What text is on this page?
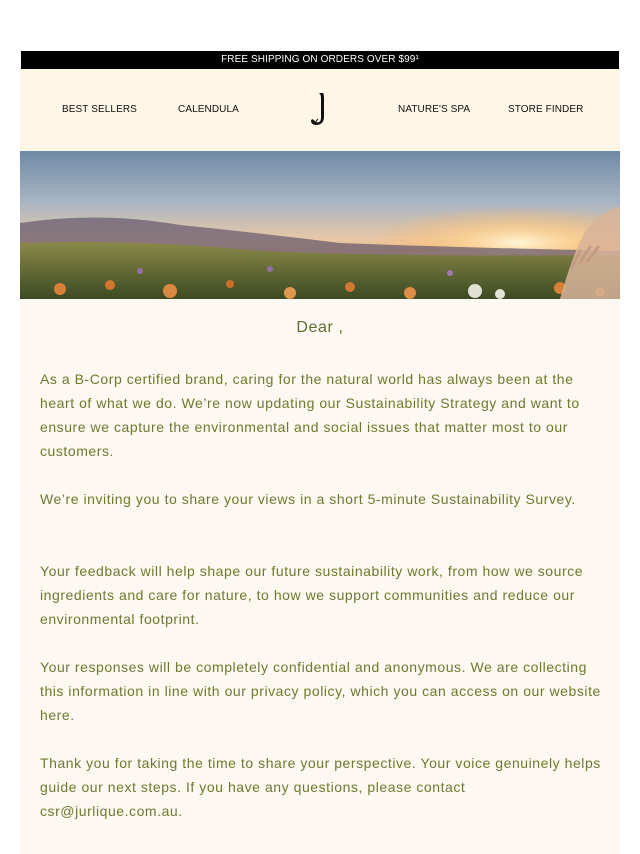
FREE SHIPPING ON ORDERS OVER $99¹
BEST SELLERS	CALENDULA	NATURE'S SPA	STORE FINDER
Dear ,

As a B-Corp certified brand, caring for the natural world has always been at the heart of what we do. We’re now updating our Sustainability Strategy and want to ensure we capture the environmental and social issues that matter most to our customers.

We’re inviting you to share your views in a short 5-minute Sustainability Survey.

Your feedback will help shape our future sustainability work, from how we source ingredients and care for nature, to how we support communities and reduce our environmental footprint.

Your responses will be completely confidential and anonymous. We are collecting this information in line with our privacy policy, which you can access on our website here.

Thank you for taking the time to share your perspective. Your voice genuinely helps guide our next steps. If you have any questions, please contact csr@jurlique.com.au.
